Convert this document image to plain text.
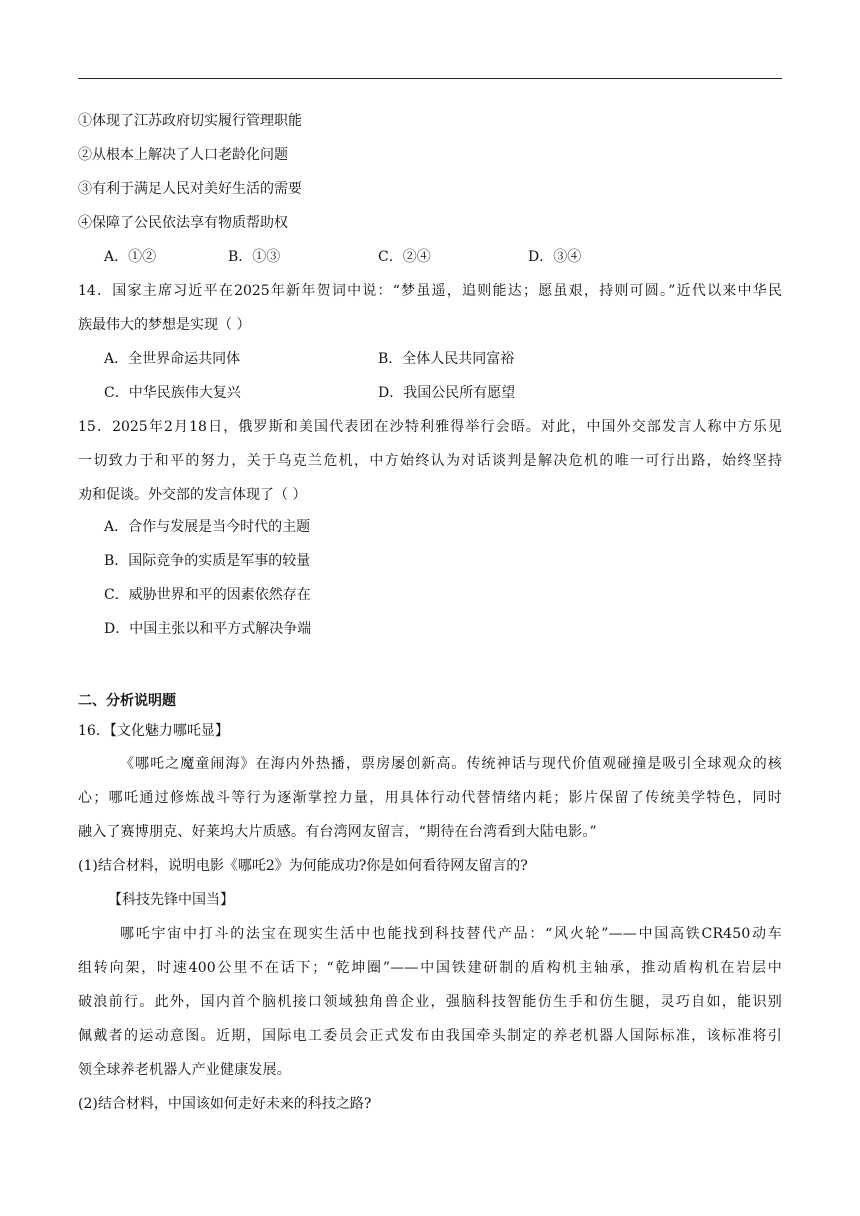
①体现了江苏政府切实履行管理职能
②从根本上解决了人口老龄化问题
③有利于满足人民对美好生活的需要
④保障了公民依法享有物质帮助权
A．①②	B．①③	C．②④	D．③④
14．国家主席习近平在2025年新年贺词中说：“梦虽遥，追则能达；愿虽艰，持则可圆。”近代以来中华民
族最伟大的梦想是实现（ ）
A．全世界命运共同体	B．全体人民共同富裕
C．中华民族伟大复兴	D．我国公民所有愿望
15．2025年2月18日，俄罗斯和美国代表团在沙特利雅得举行会晤。对此，中国外交部发言人称中方乐见
一切致力于和平的努力，关于乌克兰危机，中方始终认为对话谈判是解决危机的唯一可行出路，始终坚持
劝和促谈。外交部的发言体现了（ ）
A．合作与发展是当今时代的主题
B．国际竞争的实质是军事的较量
C．威胁世界和平的因素依然存在
D．中国主张以和平方式解决争端
二、分析说明题
16．【文化魅力哪吒显】
《哪吒之魔童闹海》在海内外热播，票房屡创新高。传统神话与现代价值观碰撞是吸引全球观众的核
心；哪吒通过修炼战斗等行为逐渐掌控力量，用具体行动代替情绪内耗；影片保留了传统美学特色，同时
融入了赛博朋克、好莱坞大片质感。有台湾网友留言，“期待在台湾看到大陆电影。”
(1)结合材料，说明电影《哪吒2》为何能成功?你是如何看待网友留言的?
【科技先锋中国当】
哪吒宇宙中打斗的法宝在现实生活中也能找到科技替代产品：“风火轮”——中国高铁CR450动车
组转向架，时速400公里不在话下；“乾坤圈”——中国铁建研制的盾构机主轴承，推动盾构机在岩层中
破浪前行。此外，国内首个脑机接口领域独角兽企业，强脑科技智能仿生手和仿生腿，灵巧自如，能识别
佩戴者的运动意图。近期，国际电工委员会正式发布由我国牵头制定的养老机器人国际标准，该标准将引
领全球养老机器人产业健康发展。
(2)结合材料，中国该如何走好未来的科技之路?
